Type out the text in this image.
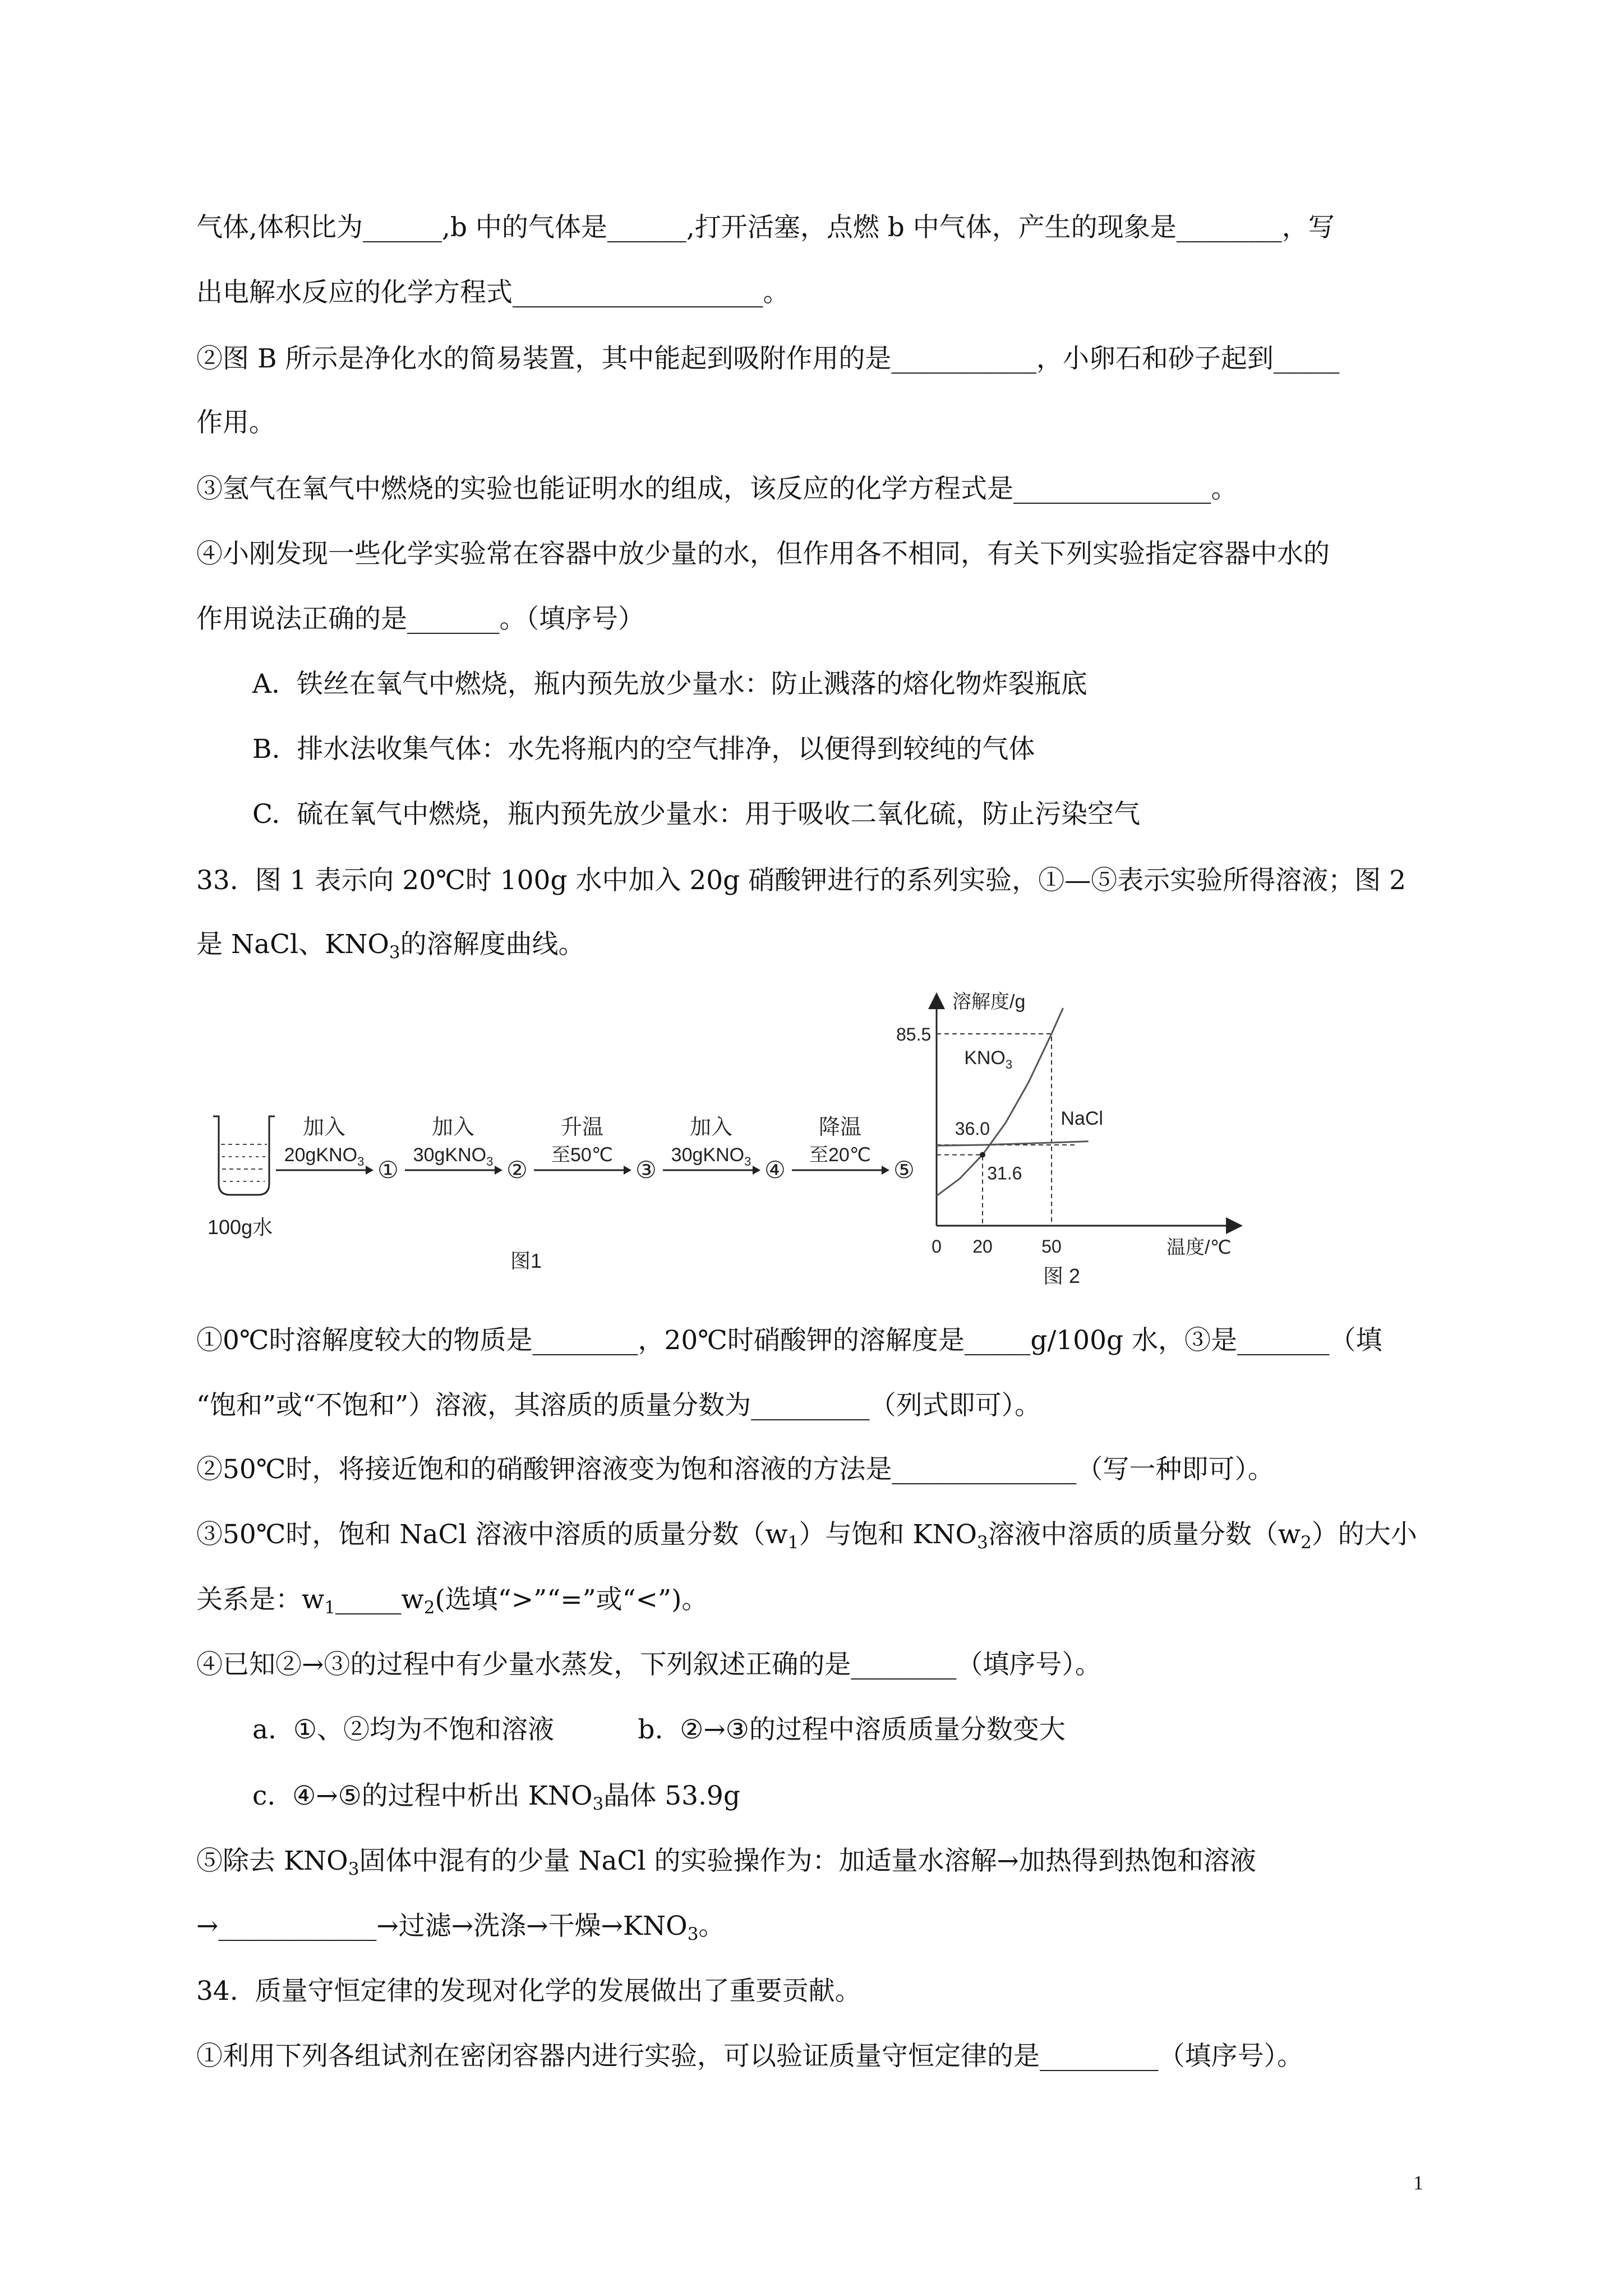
气体,体积比为______,b 中的气体是______,打开活塞，点燃 b 中气体，产生的现象是________，写
出电解水反应的化学方程式___________________。
②图 B 所示是净化水的简易装置，其中能起到吸附作用的是___________，小卵石和砂子起到_____
作用。
③氢气在氧气中燃烧的实验也能证明水的组成，该反应的化学方程式是_______________。
④小刚发现一些化学实验常在容器中放少量的水，但作用各不相同，有关下列实验指定容器中水的
作用说法正确的是_______。（填序号）
A.  铁丝在氧气中燃烧，瓶内预先放少量水：防止溅落的熔化物炸裂瓶底
B.  排水法收集气体：水先将瓶内的空气排净，以便得到较纯的气体
C.  硫在氧气中燃烧，瓶内预先放少量水：用于吸收二氧化硫，防止污染空气
33.  图 1 表示向 20℃时 100g 水中加入 20g 硝酸钾进行的系列实验，①—⑤表示实验所得溶液；图 2
是 NaCl、$KNO_3$的溶解度曲线。
①0℃时溶解度较大的物质是________，20℃时硝酸钾的溶解度是_____g/100g 水，③是_______（填
“饱和”或“不饱和”）溶液，其溶质的质量分数为_________（列式即可）。
②50℃时，将接近饱和的硝酸钾溶液变为饱和溶液的方法是______________（写一种即可）。
③50℃时，饱和 NaCl 溶液中溶质的质量分数$(w_1)$与饱和 $KNO_3$溶液中溶质的质量分数$(w_2)$的大小
关系是：$w_1\_\_\_\_\_w_2$(选填“>”“=”或“<”)。
④已知②→③的过程中有少量水蒸发，下列叙述正确的是________（填序号）。
a.  ①、②均为不饱和溶液          b.  ②→③的过程中溶质质量分数变大
c.  ④→⑤的过程中析出 $KNO_3$晶体 53.9g
⑤除去 $KNO_3$固体中混有的少量 NaCl 的实验操作为：加适量水溶解→加热得到热饱和溶液
→____________→过滤→洗涤→干燥$\to KNO_3$。
34.  质量守恒定律的发现对化学的发展做出了重要贡献。
①利用下列各组试剂在密闭容器内进行实验，可以验证质量守恒定律的是_________（填序号）。
100g水
加入
20gKNO$_3$ ①
加入
30gKNO$_3$ ②
升温
至50℃
③
加入
30gKNO$_3$ ④
降温
至20℃
⑤
图1
溶解度/g
温度/℃
0 20	50
85.5
36.0
31.6
$KNO_3$
NaCl
图 2
1
